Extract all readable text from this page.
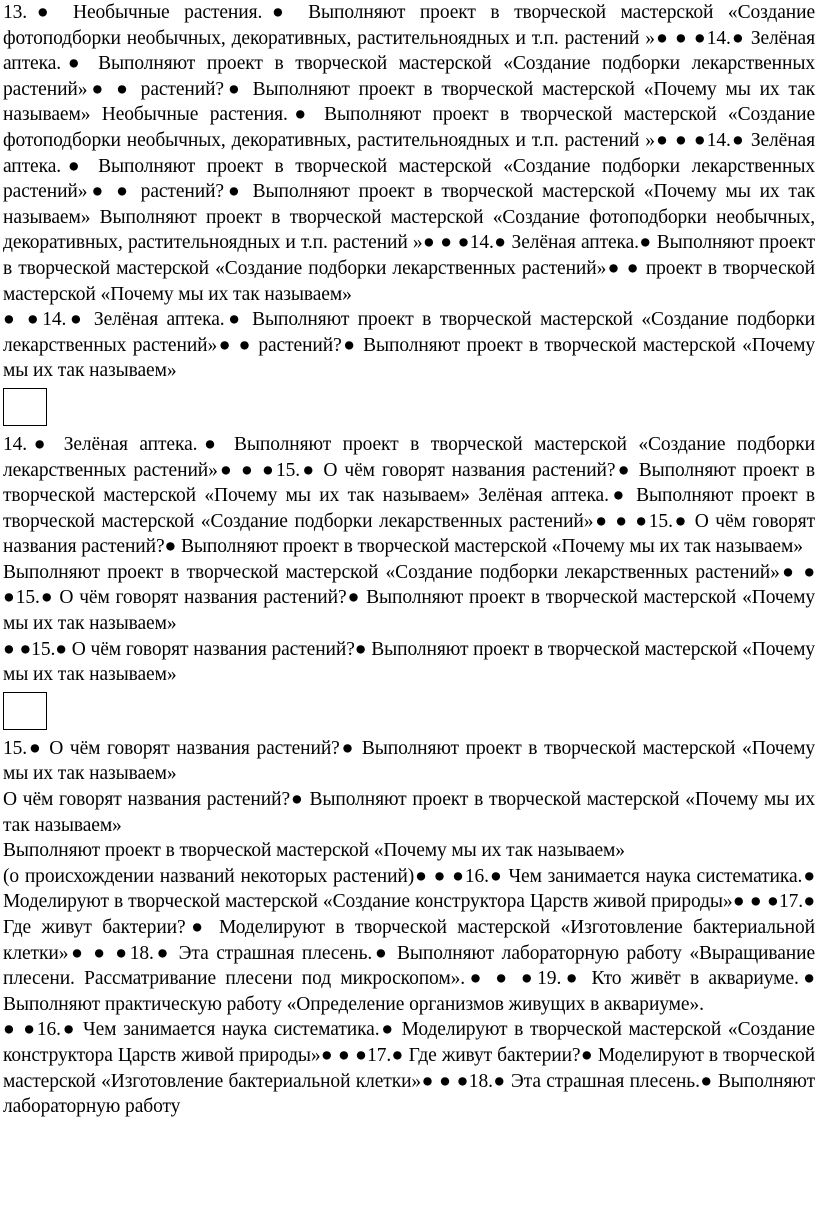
13.● Необычные растения.● Выполняют проект в творческой мастерской «Создание фотоподборки необычных, декоративных, растительноядных и т.п. растений »● ● ●14.● Зелёная аптека.● Выполняют проект в творческой мастерской «Создание подборки лекарственных растений»● ● растений?● Выполняют проект в творческой мастерской «Почему мы их так называем» Необычные растения.● Выполняют проект в творческой мастерской «Создание фотоподборки необычных, декоративных, растительноядных и т.п. растений »● ● ●14.● Зелёная аптека.● Выполняют проект в творческой мастерской «Создание подборки лекарственных растений»● ● растений?● Выполняют проект в творческой мастерской «Почему мы их так называем» Выполняют проект в творческой мастерской «Создание фотоподборки необычных, декоративных, растительноядных и т.п. растений »● ● ●14.● Зелёная аптека.● Выполняют проект в творческой мастерской «Создание подборки лекарственных растений»● ● проект в творческой мастерской «Почему мы их так называем»

● ●14.● Зелёная аптека.● Выполняют проект в творческой мастерской «Создание подборки лекарственных растений»● ● растений?● Выполняют проект в творческой мастерской «Почему мы их так называем»

14.● Зелёная аптека.● Выполняют проект в творческой мастерской «Создание подборки лекарственных растений»● ● ●15.● О чём говорят названия растений?● Выполняют проект в творческой мастерской «Почему мы их так называем» Зелёная аптека.● Выполняют проект в творческой мастерской «Создание подборки лекарственных растений»● ● ●15.● О чём говорят названия растений?● Выполняют проект в творческой мастерской «Почему мы их так называем»

Выполняют проект в творческой мастерской «Создание подборки лекарственных растений»● ● ●15.● О чём говорят названия растений?● Выполняют проект в творческой мастерской «Почему мы их так называем»

● ●15.● О чём говорят названия растений?● Выполняют проект в творческой мастерской «Почему мы их так называем»

15.● О чём говорят названия растений?● Выполняют проект в творческой мастерской «Почему мы их так называем»

О чём говорят названия растений?● Выполняют проект в творческой мастерской «Почему мы их так называем»

Выполняют проект в творческой мастерской «Почему мы их так называем»

(о происхождении названий некоторых растений)● ● ●16.● Чем занимается наука систематика.● Моделируют в творческой мастерской «Создание конструктора Царств живой природы»● ● ●17.● Где живут бактерии?● Моделируют в творческой мастерской «Изготовление бактериальной клетки»● ● ●18.● Эта страшная плесень.● Выполняют лабораторную работу «Выращивание плесени. Рассматривание плесени под микроскопом».● ● ●19.● Кто живёт в аквариуме.● Выполняют практическую работу «Определение организмов живущих в аквариуме».

● ●16.● Чем занимается наука систематика.● Моделируют в творческой мастерской «Создание конструктора Царств живой природы»● ● ●17.● Где живут бактерии?● Моделируют в творческой мастерской «Изготовление бактериальной клетки»● ● ●18.● Эта страшная плесень.● Выполняют лабораторную работу
